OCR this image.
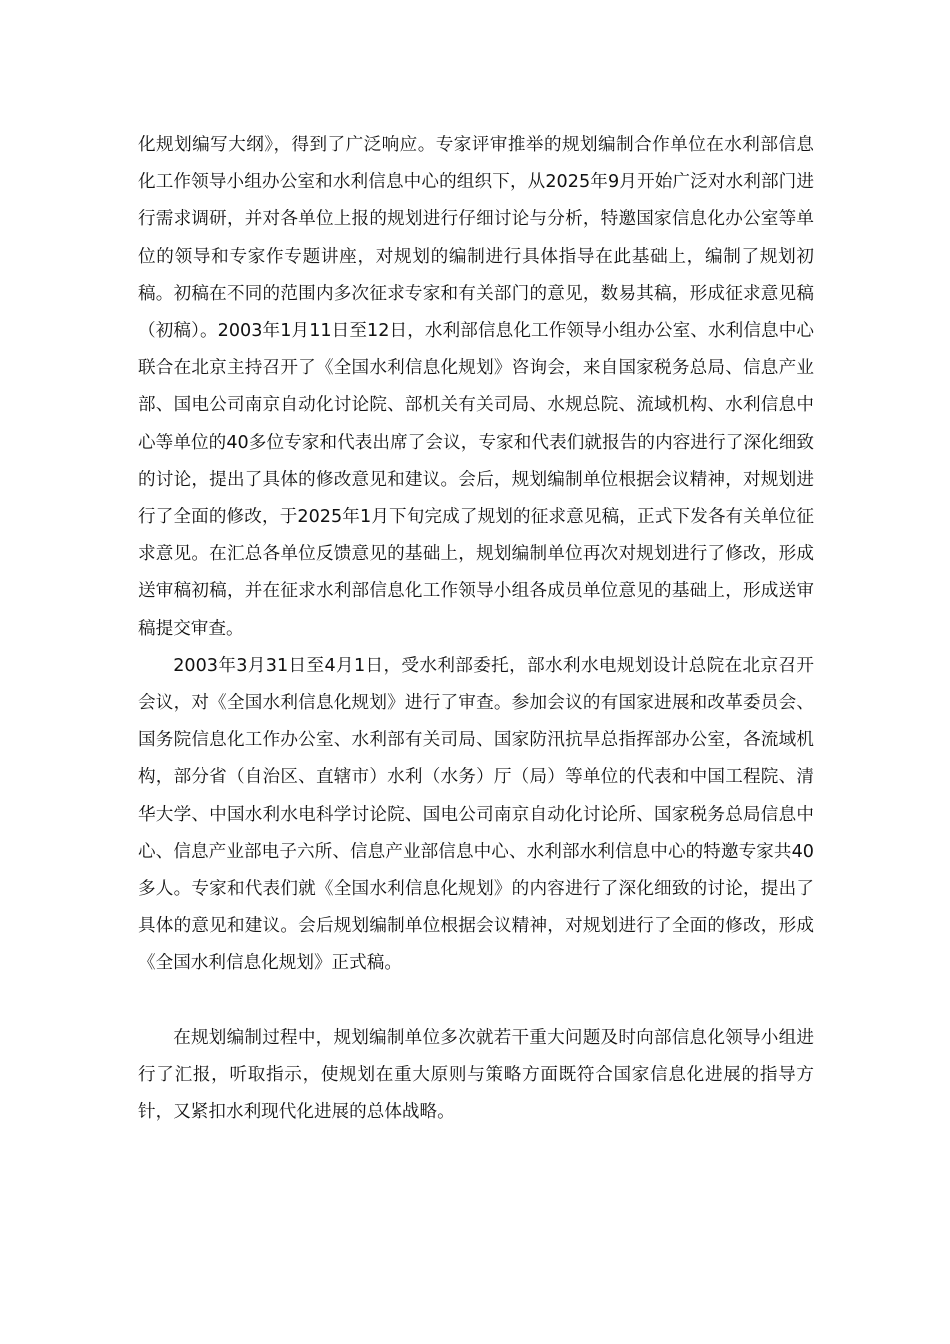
化规划编写大纲》，得到了广泛响应。专家评审推举的规划编制合作单位在水利部信息化工作领导小组办公室和水利信息中心的组织下，从2025年9月开始广泛对水利部门进行需求调研，并对各单位上报的规划进行仔细讨论与分析，特邀国家信息化办公室等单位的领导和专家作专题讲座，对规划的编制进行具体指导在此基础上，编制了规划初稿。初稿在不同的范围内多次征求专家和有关部门的意见，数易其稿，形成征求意见稿（初稿）。2003年1月11日至12日，水利部信息化工作领导小组办公室、水利信息中心联合在北京主持召开了《全国水利信息化规划》咨询会，来自国家税务总局、信息产业部、国电公司南京自动化讨论院、部机关有关司局、水规总院、流域机构、水利信息中心等单位的40多位专家和代表出席了会议，专家和代表们就报告的内容进行了深化细致的讨论，提出了具体的修改意见和建议。会后，规划编制单位根据会议精神，对规划进行了全面的修改，于2025年1月下旬完成了规划的征求意见稿，正式下发各有关单位征求意见。在汇总各单位反馈意见的基础上，规划编制单位再次对规划进行了修改，形成送审稿初稿，并在征求水利部信息化工作领导小组各成员单位意见的基础上，形成送审稿提交审查。

2003年3月31日至4月1日，受水利部委托，部水利水电规划设计总院在北京召开会议，对《全国水利信息化规划》进行了审查。参加会议的有国家进展和改革委员会、国务院信息化工作办公室、水利部有关司局、国家防汛抗旱总指挥部办公室，各流域机构，部分省（自治区、直辖市）水利（水务）厅（局）等单位的代表和中国工程院、清华大学、中国水利水电科学讨论院、国电公司南京自动化讨论所、国家税务总局信息中心、信息产业部电子六所、信息产业部信息中心、水利部水利信息中心的特邀专家共40多人。专家和代表们就《全国水利信息化规划》的内容进行了深化细致的讨论，提出了具体的意见和建议。会后规划编制单位根据会议精神，对规划进行了全面的修改，形成《全国水利信息化规划》正式稿。

在规划编制过程中，规划编制单位多次就若干重大问题及时向部信息化领导小组进行了汇报，听取指示，使规划在重大原则与策略方面既符合国家信息化进展的指导方针，又紧扣水利现代化进展的总体战略。
